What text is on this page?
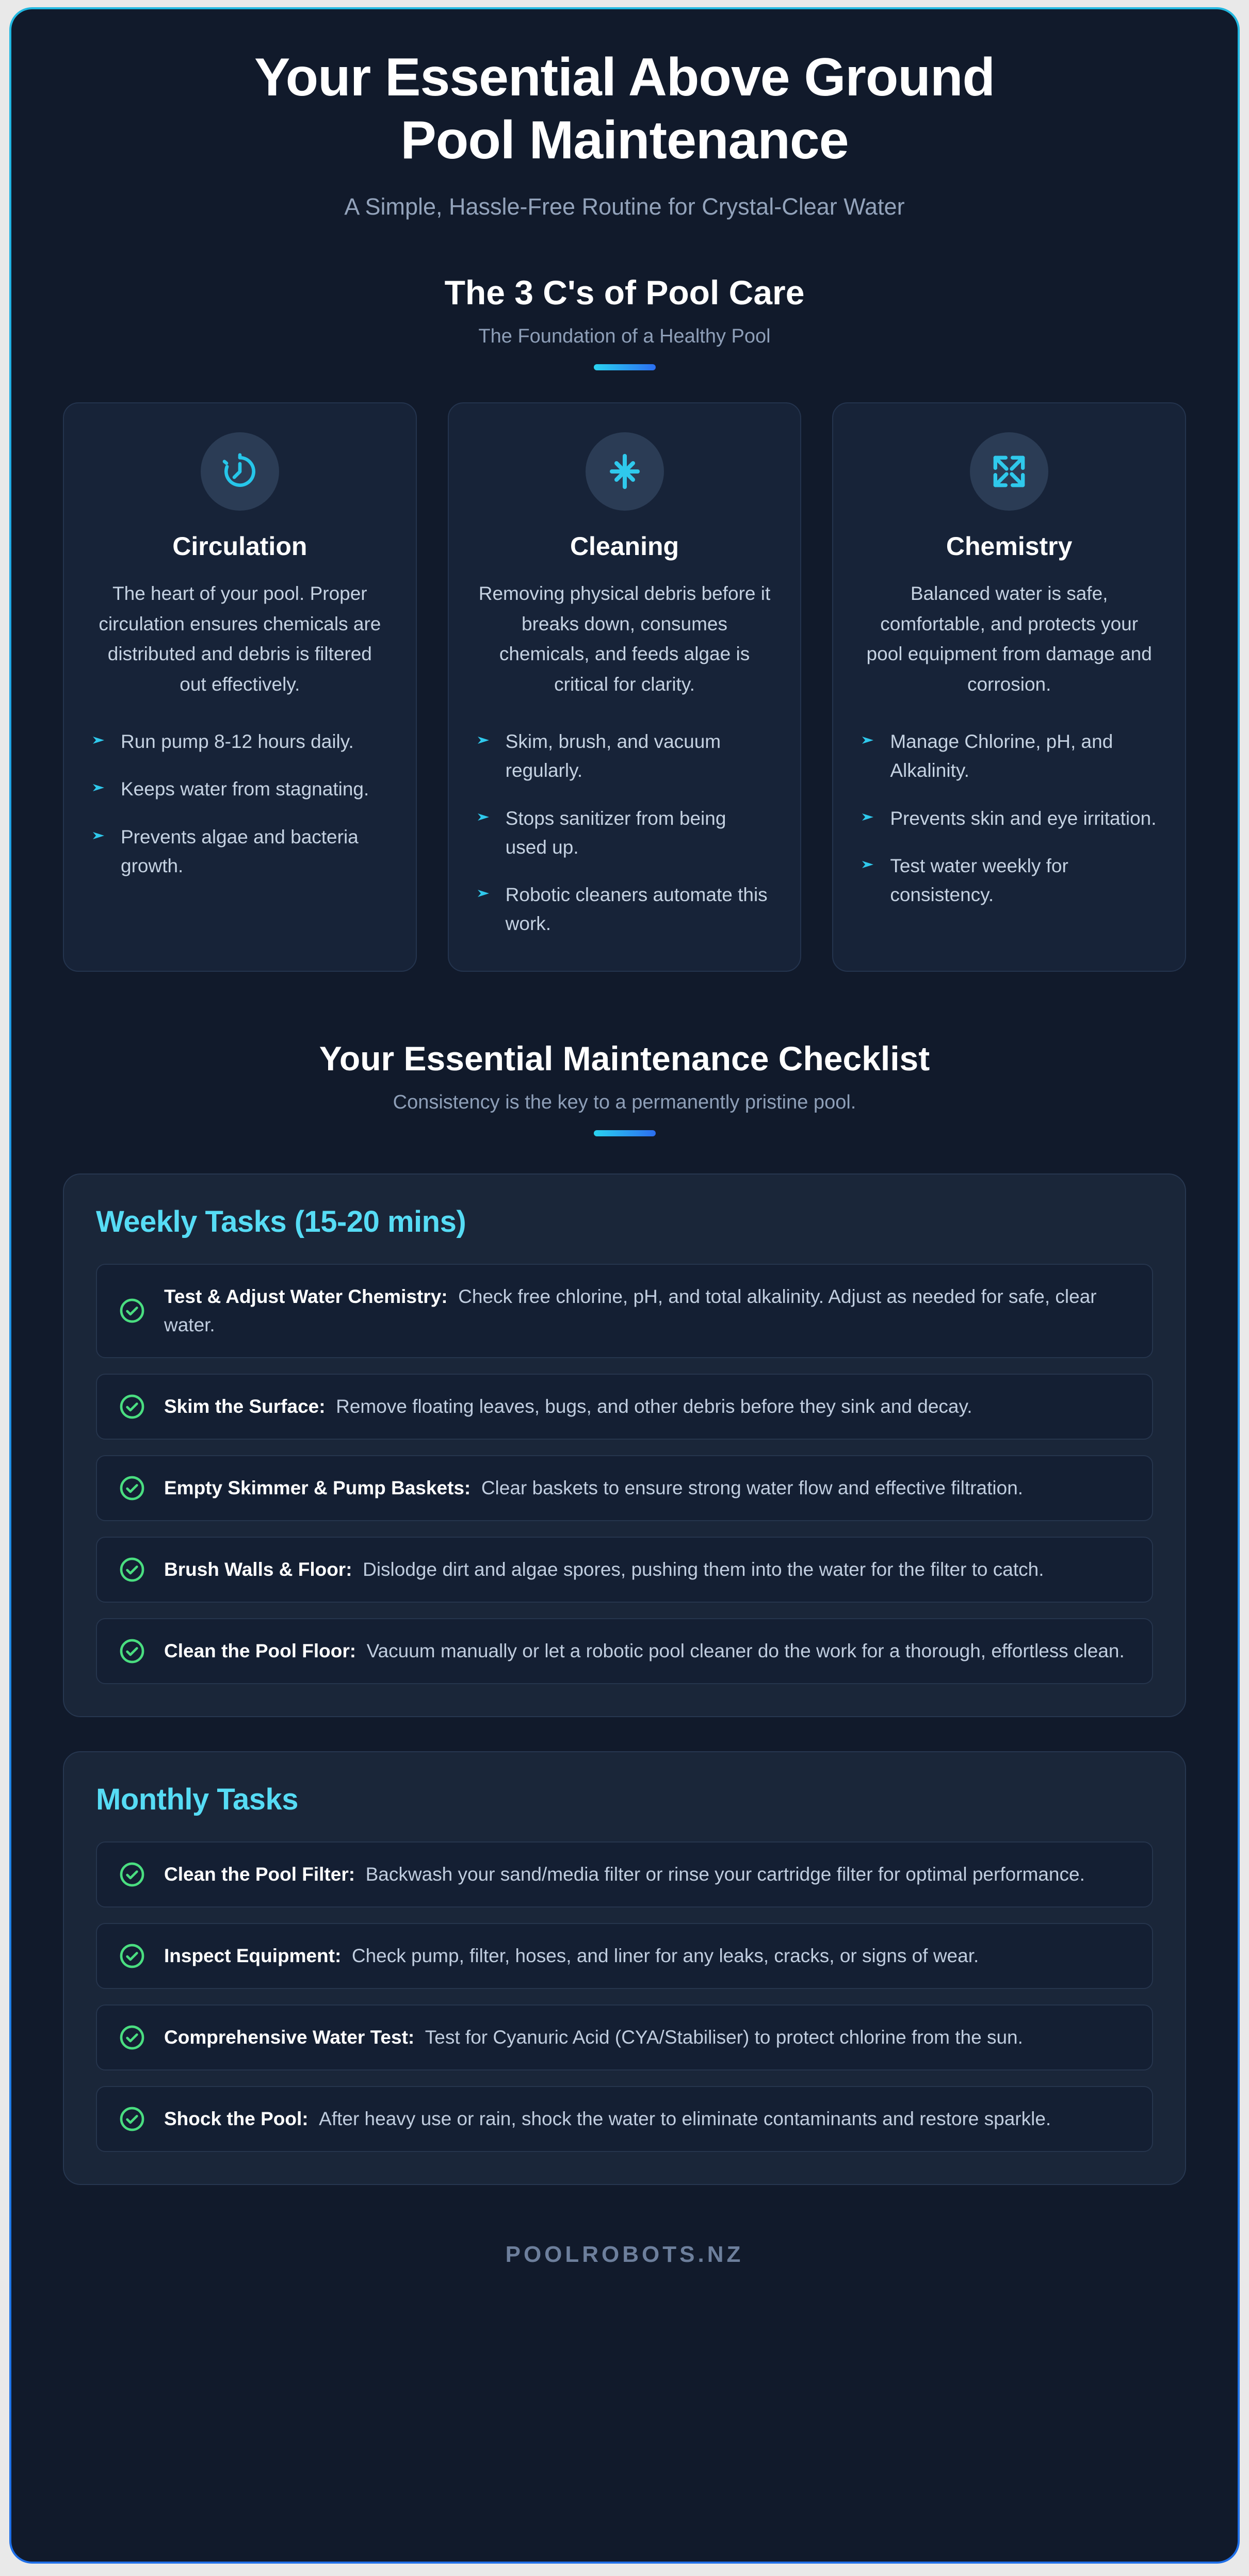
Your Essential Above Ground
Pool Maintenance
A Simple, Hassle-Free Routine for Crystal-Clear Water
The 3 C's of Pool Care
The Foundation of a Healthy Pool
Circulation
The heart of your pool. Proper circulation ensures chemicals are distributed and debris is filtered out effectively.
Run pump 8-12 hours daily.
Keeps water from stagnating.
Prevents algae and bacteria growth.
Cleaning
Removing physical debris before it breaks down, consumes chemicals, and feeds algae is critical for clarity.
Skim, brush, and vacuum regularly.
Stops sanitizer from being used up.
Robotic cleaners automate this work.
Chemistry
Balanced water is safe, comfortable, and protects your pool equipment from damage and corrosion.
Manage Chlorine, pH, and Alkalinity.
Prevents skin and eye irritation.
Test water weekly for consistency.
Your Essential Maintenance Checklist
Consistency is the key to a permanently pristine pool.
Weekly Tasks (15-20 mins)
Test & Adjust Water Chemistry: Check free chlorine, pH, and total alkalinity. Adjust as needed for safe, clear water.
Skim the Surface: Remove floating leaves, bugs, and other debris before they sink and decay.
Empty Skimmer & Pump Baskets: Clear baskets to ensure strong water flow and effective filtration.
Brush Walls & Floor: Dislodge dirt and algae spores, pushing them into the water for the filter to catch.
Clean the Pool Floor: Vacuum manually or let a robotic pool cleaner do the work for a thorough, effortless clean.
Monthly Tasks
Clean the Pool Filter: Backwash your sand/media filter or rinse your cartridge filter for optimal performance.
Inspect Equipment: Check pump, filter, hoses, and liner for any leaks, cracks, or signs of wear.
Comprehensive Water Test: Test for Cyanuric Acid (CYA/Stabiliser) to protect chlorine from the sun.
Shock the Pool: After heavy use or rain, shock the water to eliminate contaminants and restore sparkle.
POOLROBOTS.NZ
